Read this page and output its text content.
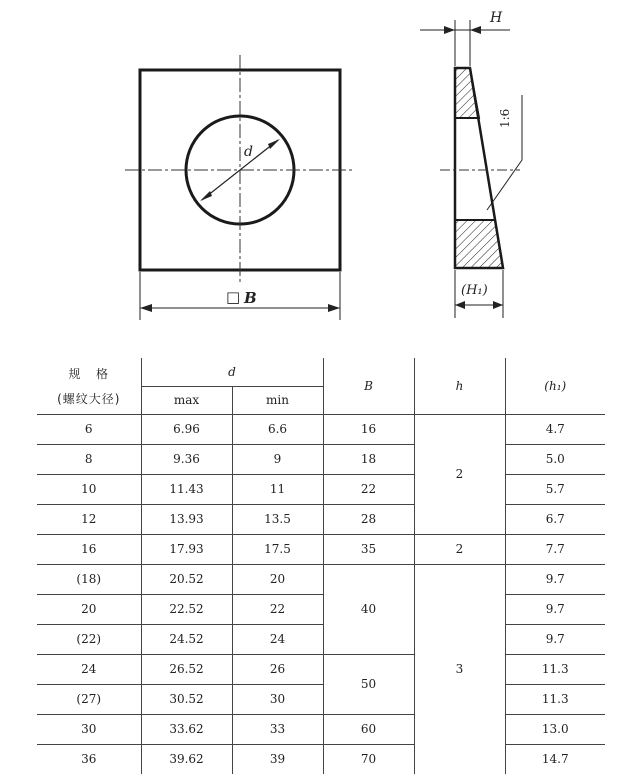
d
□ B
H
(H₁)
1:6
规   格
(螺纹大径)	d		B	h	(h₁)
	max	min			
6	6.96	6.6	16	2	4.7
8	9.36	9	18		5.0
10	11.43	11	22		5.7
12	13.93	13.5	28		6.7
16	17.93	17.5	35	2	7.7
(18)	20.52	20	40	3	9.7
20	22.52	22			9.7
(22)	24.52	24			9.7
24	26.52	26	50		11.3
(27)	30.52	30			11.3
30	33.62	33	60		13.0
36	39.62	39	70		14.7
